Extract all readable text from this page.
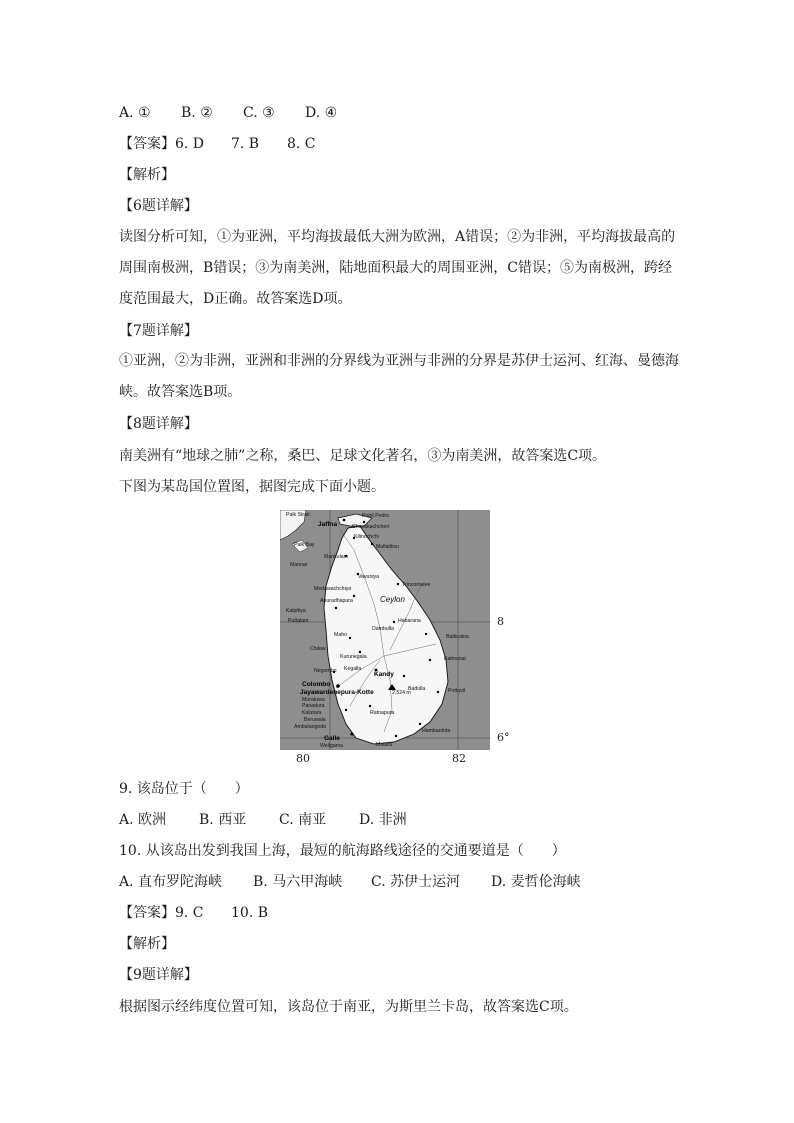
A. ① B. ② C. ③ D. ④
【答案】6. D 7. B 8. C
【解析】
【6题详解】
读图分析可知，①为亚洲，平均海拔最低大洲为欧洲，A错误；②为非洲，平均海拔最高的周围南极洲，B错误；③为南美洲，陆地面积最大的周围亚洲，C错误；⑤为南极洲，跨经度范围最大，D正确。故答案选D项。
【7题详解】
①亚洲，②为非洲，亚洲和非洲的分界线为亚洲与非洲的分界是苏伊士运河、红海、曼德海峡。故答案选B项。
【8题详解】
南美洲有“地球之肺”之称，桑巴、足球文化著名，③为南美洲，故答案选C项。
下图为某岛国位置图，据图完成下面小题。
Palk Strait	Point Pedro
Jaffna	Chavakachcheri
Palk Bay
Kilinochchi
Mullaittivu
Mankulam
Mannar
Vavuniya
Medawachchiya
Trincomalee
Anuradhapura	Ceylon
Kalpitiya
Puttalam	Habarana
Batticaloa
Dambulla
Maho
Chilaw
Kurunegala
Kegalla
Kalmunai
Negombo
Colombo
Kandy
Jayawardenepura-Kotte
Moratuwa
Panadura
Badulla	Pottuvil
Kalutara
Beruwala
Ambalangoda
Ratnapura
Galle
Weligama	Matara
Hambantota
2,524 m
80	82
8
6°
9. 该岛位于（　　）
A. 欧洲 B. 西亚 C. 南亚 D. 非洲
10. 从该岛出发到我国上海，最短的航海路线途径的交通要道是（　　）
A. 直布罗陀海峡 B. 马六甲海峡 C. 苏伊士运河 D. 麦哲伦海峡
【答案】9. C 10. B
【解析】
【9题详解】
根据图示经纬度位置可知，该岛位于南亚，为斯里兰卡岛，故答案选C项。
